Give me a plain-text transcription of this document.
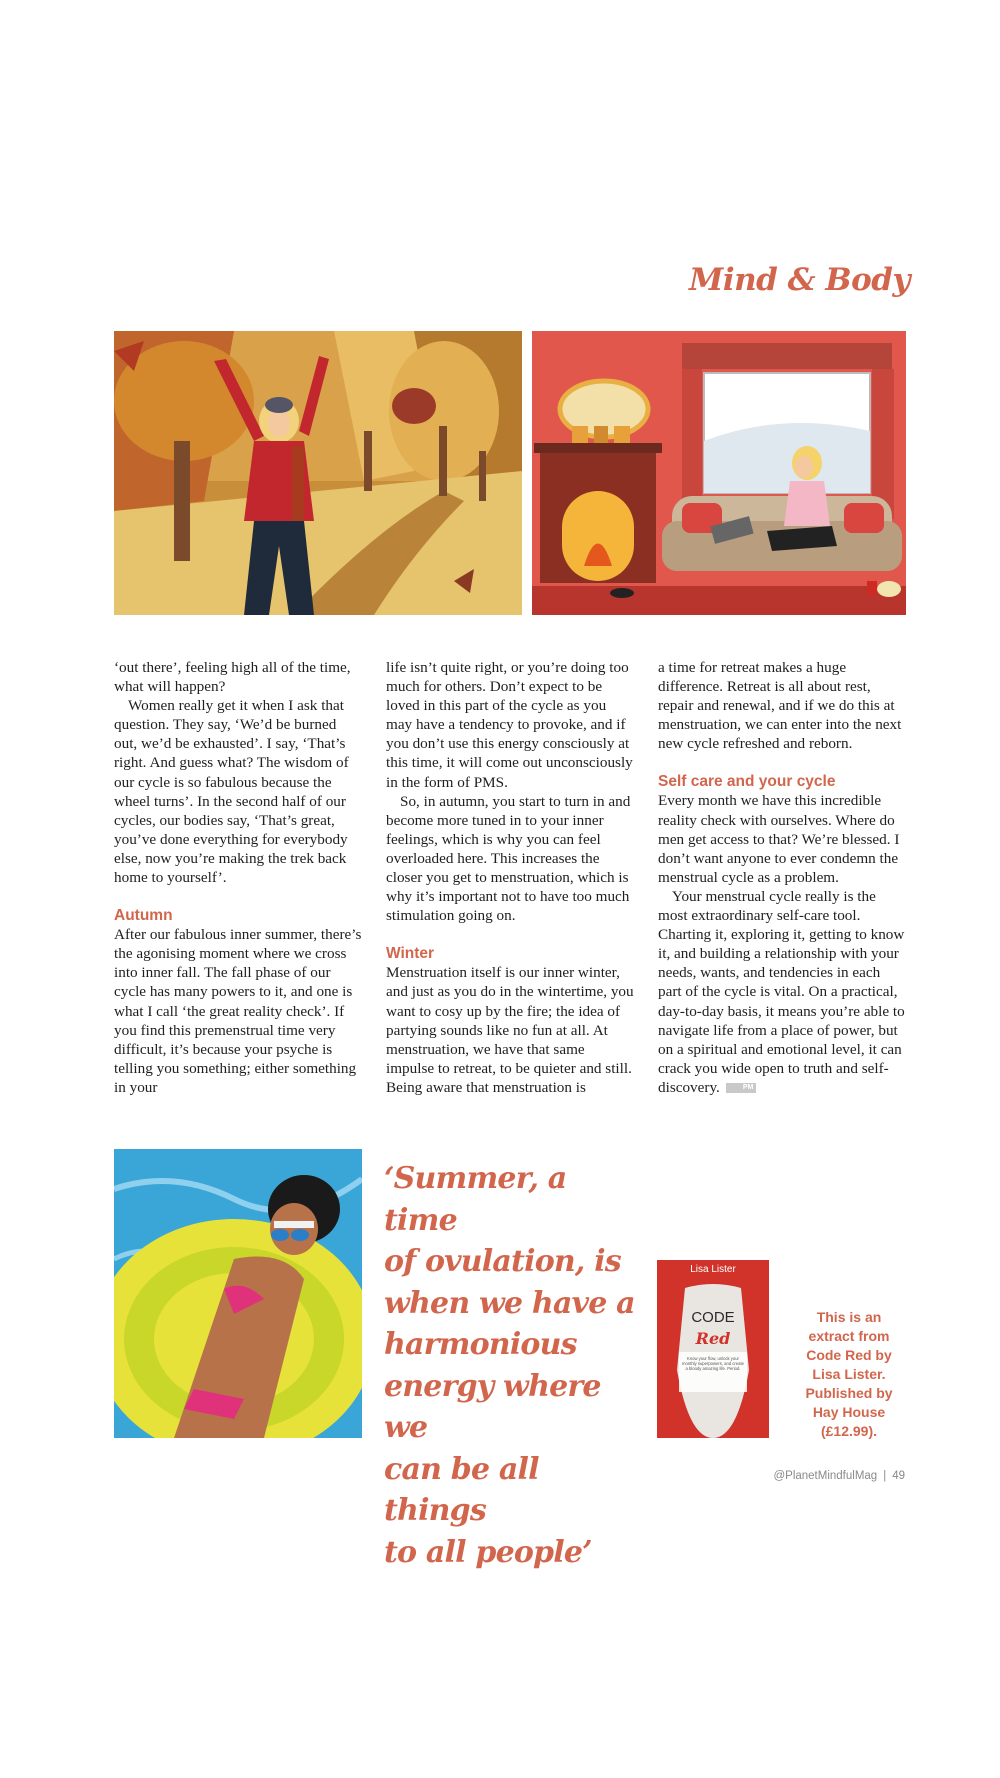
Mind & Body

‘out there’, feeling high all of the time, what will happen?

Women really get it when I ask that question. They say, ‘We’d be burned out, we’d be exhausted’. I say, ‘That’s right. And guess what? The wisdom of our cycle is so fabulous because the wheel turns’. In the second half of our cycles, our bodies say, ‘That’s great, you’ve done everything for everybody else, now you’re making the trek back home to yourself’.

Autumn

After our fabulous inner summer, there’s the agonising moment where we cross into inner fall. The fall phase of our cycle has many powers to it, and one is what I call ‘the great reality check’. If you find this premenstrual time very difficult, it’s because your psyche is telling you something; either something in your

life isn’t quite right, or you’re doing too much for others. Don’t expect to be loved in this part of the cycle as you may have a tendency to provoke, and if you don’t use this energy consciously at this time, it will come out unconsciously in the form of PMS.

So, in autumn, you start to turn in and become more tuned in to your inner feelings, which is why you can feel overloaded here. This increases the closer you get to menstruation, which is why it’s important not to have too much stimulation going on.

Winter

Menstruation itself is our inner winter, and just as you do in the wintertime, you want to cosy up by the fire; the idea of partying sounds like no fun at all. At menstruation, we have that same impulse to retreat, to be quieter and still. Being aware that menstruation is

a time for retreat makes a huge difference. Retreat is all about rest, repair and renewal, and if we do this at menstruation, we can enter into the next new cycle refreshed and reborn.

Self care and your cycle

Every month we have this incredible reality check with ourselves. Where do men get access to that? We’re blessed. I don’t want anyone to ever condemn the menstrual cycle as a problem.

Your menstrual cycle really is the most extraordinary self-care tool. Charting it, exploring it, getting to know it, and building a relationship with your needs, wants, and tendencies in each part of the cycle is vital. On a practical, day-to-day basis, it means you’re able to navigate life from a place of power, but on a spiritual and emotional level, it can crack you wide open to truth and self-discovery.	PM

‘Summer, a time
of ovulation, is
when we have a
harmonious
energy where we
can be all things
to all people’
Lisa Lister
CODE
Red
Know your flow, unlock your monthly superpowers, and create a bloody amazing life. Period.
This is an
extract from
Code Red by
Lisa Lister.
Published by
Hay House
(£12.99).
@PlanetMindfulMag | 49
